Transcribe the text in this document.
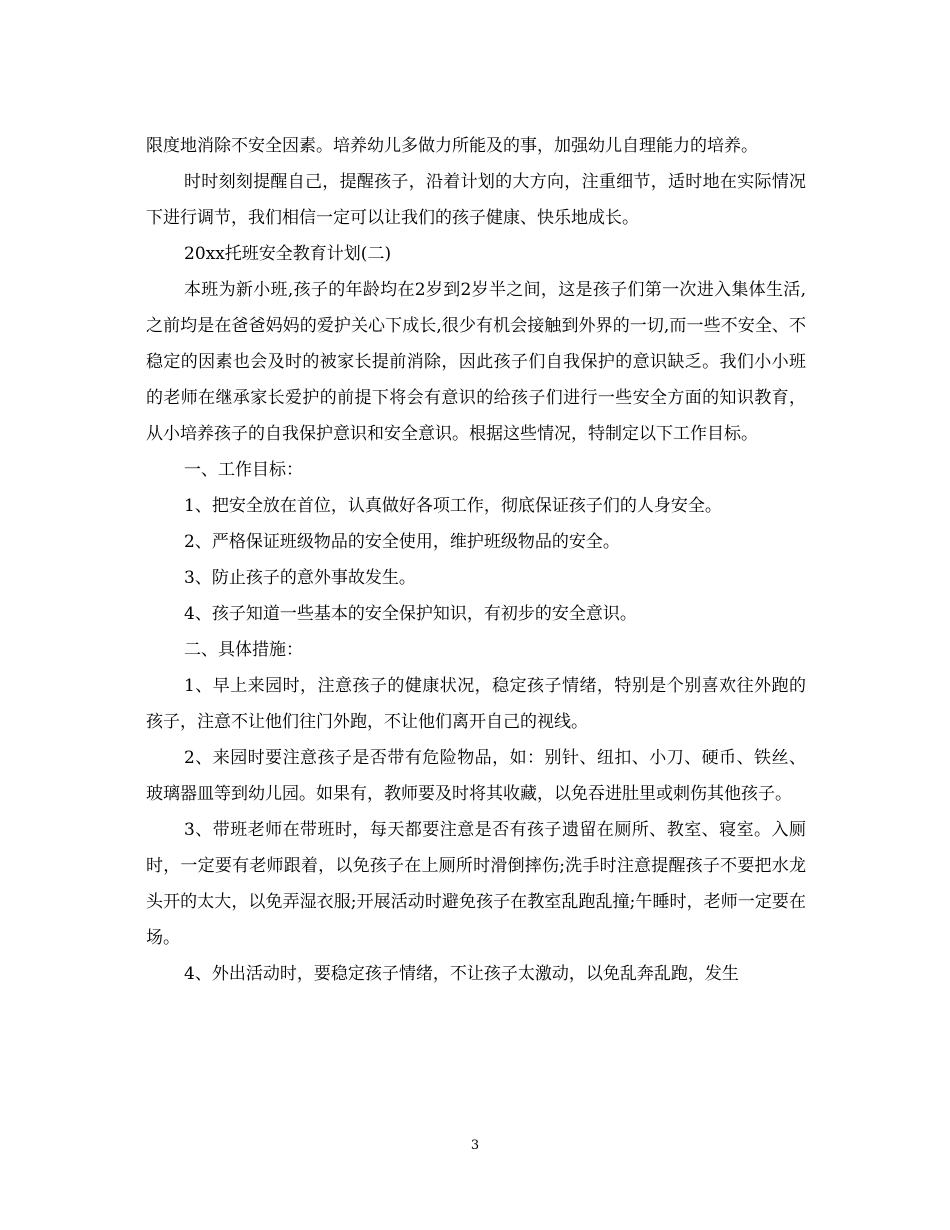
限度地消除不安全因素。培养幼儿多做力所能及的事，加强幼儿自理能力的培养。

时时刻刻提醒自己，提醒孩子，沿着计划的大方向，注重细节，适时地在实际情况下进行调节，我们相信一定可以让我们的孩子健康、快乐地成长。

20xx托班安全教育计划(二)

本班为新小班,孩子的年龄均在2岁到2岁半之间，这是孩子们第一次进入集体生活,之前均是在爸爸妈妈的爱护关心下成长,很少有机会接触到外界的一切,而一些不安全、不稳定的因素也会及时的被家长提前消除，因此孩子们自我保护的意识缺乏。我们小小班的老师在继承家长爱护的前提下将会有意识的给孩子们进行一些安全方面的知识教育，从小培养孩子的自我保护意识和安全意识。根据这些情况，特制定以下工作目标。

一、工作目标：

1、把安全放在首位，认真做好各项工作，彻底保证孩子们的人身安全。

2、严格保证班级物品的安全使用，维护班级物品的安全。

3、防止孩子的意外事故发生。

4、孩子知道一些基本的安全保护知识，有初步的安全意识。

二、具体措施：

1、早上来园时，注意孩子的健康状况，稳定孩子情绪，特别是个别喜欢往外跑的孩子，注意不让他们往门外跑，不让他们离开自己的视线。

2、来园时要注意孩子是否带有危险物品，如：别针、纽扣、小刀、硬币、铁丝、玻璃器皿等到幼儿园。如果有，教师要及时将其收藏，以免吞进肚里或刺伤其他孩子。

3、带班老师在带班时，每天都要注意是否有孩子遗留在厕所、教室、寝室。入厕时，一定要有老师跟着，以免孩子在上厕所时滑倒摔伤;洗手时注意提醒孩子不要把水龙头开的太大，以免弄湿衣服;开展活动时避免孩子在教室乱跑乱撞;午睡时，老师一定要在场。

4、外出活动时，要稳定孩子情绪，不让孩子太激动，以免乱奔乱跑，发生

3
